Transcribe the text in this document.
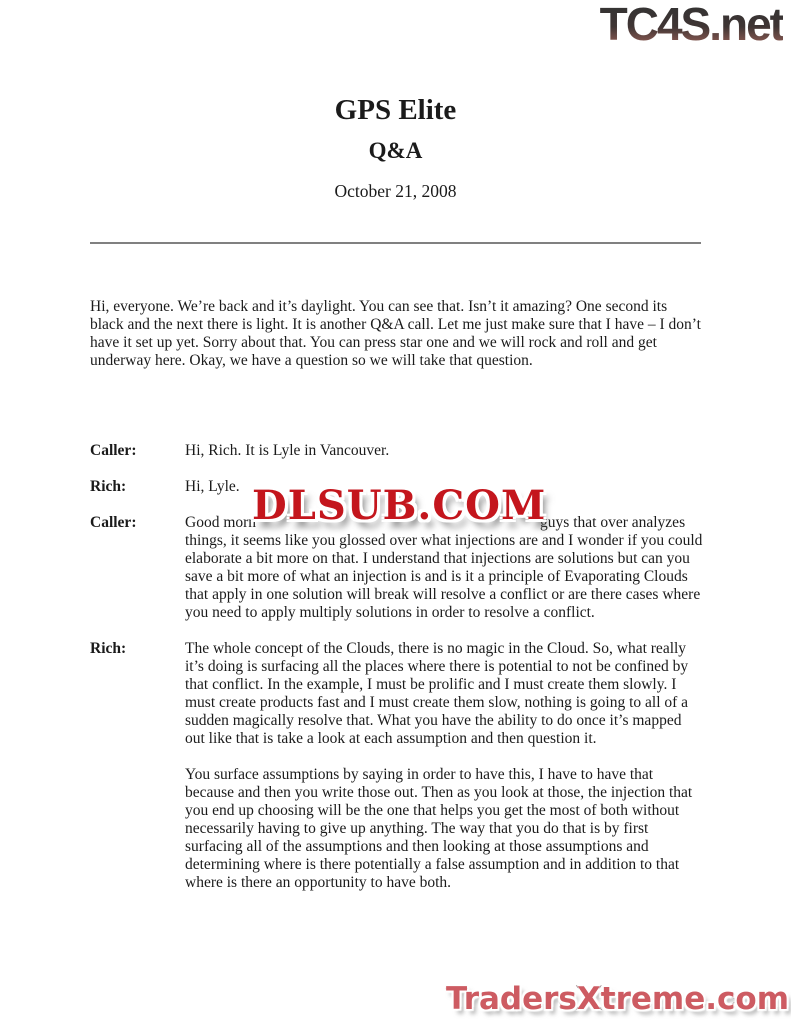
TC4S.net
GPS Elite
Q&A
October 21, 2008

Hi, everyone. We’re back and it’s daylight. You can see that. Isn’t it amazing? One second its black and the next there is light. It is another Q&A call. Let me just make sure that I have – I don’t have it set up yet. Sorry about that. You can press star one and we will rock and roll and get underway here. Okay, we have a question so we will take that question.

Caller:	Hi, Rich. It is Lyle in Vancouver.
Rich:	Hi, Lyle.
Caller:	Good morn	guys that over analyzes
things, it seems like you glossed over what injections are and I wonder if you could elaborate a bit more on that. I understand that injections are solutions but can you save a bit more of what an injection is and is it a principle of Evaporating Clouds that apply in one solution will break will resolve a conflict or are there cases where you need to apply multiply solutions in order to resolve a conflict.
Rich:	The whole concept of the Clouds, there is no magic in the Cloud. So, what really it’s doing is surfacing all the places where there is potential to not be confined by that conflict. In the example, I must be prolific and I must create them slowly. I must create products fast and I must create them slow, nothing is going to all of a sudden magically resolve that. What you have the ability to do once it’s mapped out like that is take a look at each assumption and then question it.
You surface assumptions by saying in order to have this, I have to have that because and then you write those out. Then as you look at those, the injection that you end up choosing will be the one that helps you get the most of both without necessarily having to give up anything. The way that you do that is by first surfacing all of the assumptions and then looking at those assumptions and determining where is there potentially a false assumption and in addition to that where is there an opportunity to have both.
DLSUB.COM
TradersXtreme.com
